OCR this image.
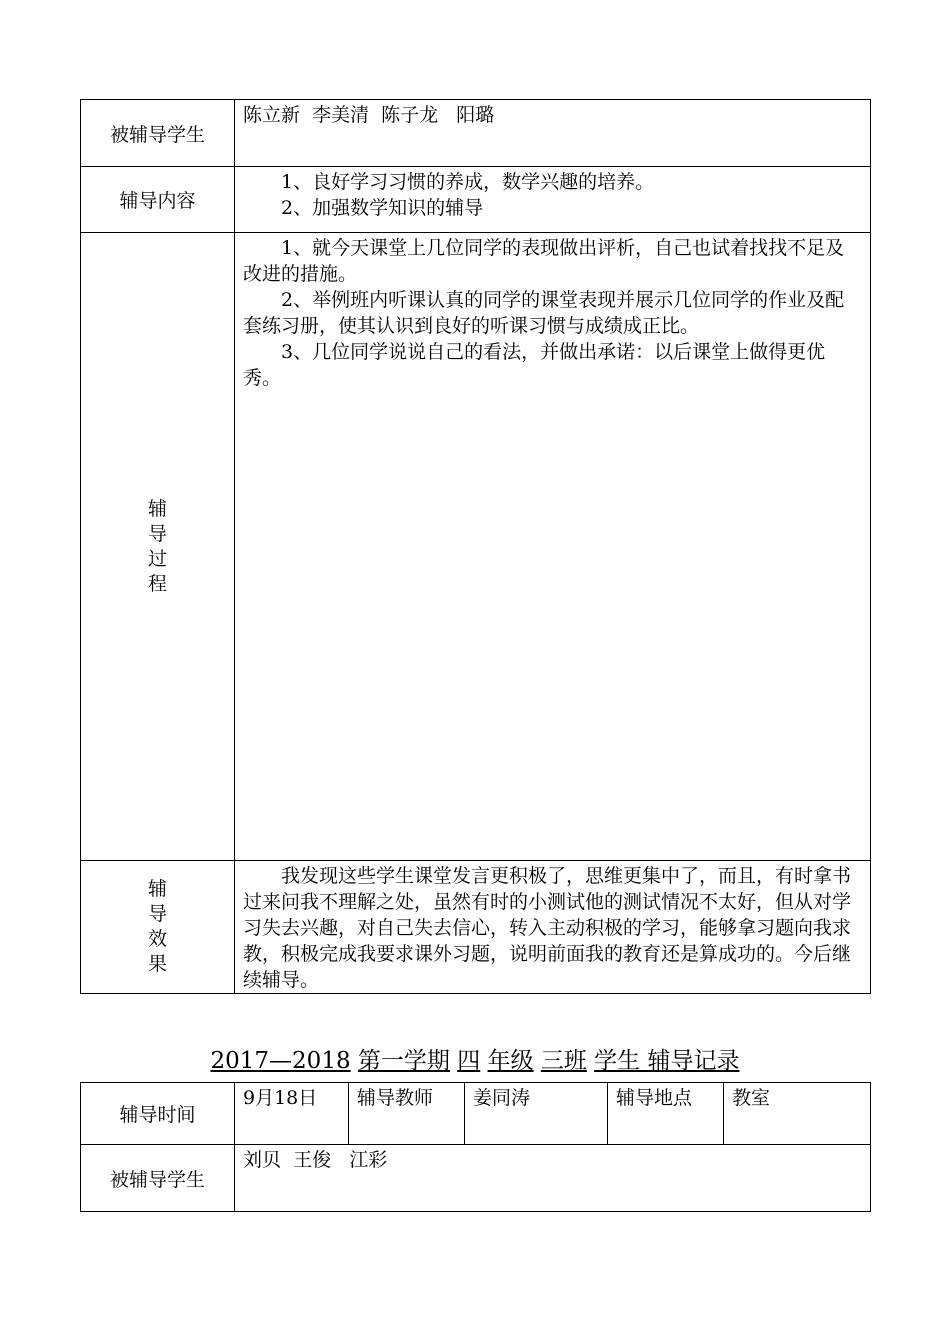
被辅导学生	陈立新  李美清  陈子龙   阳璐

辅导内容	1、良好学习习惯的养成，数学兴趣的培养。

2、加强数学知识的辅导

辅导过程	1、就今天课堂上几位同学的表现做出评析，自己也试着找找不足及改进的措施。

2、举例班内听课认真的同学的课堂表现并展示几位同学的作业及配套练习册，使其认识到良好的听课习惯与成绩成正比。

3、几位同学说说自己的看法，并做出承诺：以后课堂上做得更优秀。

辅导效果	我发现这些学生课堂发言更积极了，思维更集中了，而且，有时拿书过来问我不理解之处，虽然有时的小测试他的测试情况不太好，但从对学习失去兴趣，对自己失去信心，转入主动积极的学习，能够拿习题向我求教，积极完成我要求课外习题，说明前面我的教育还是算成功的。今后继续辅导。

2017—2018 第一学期 四 年级 三班 学生 辅导记录
辅导时间	9月18日	辅导教师	姜同涛	辅导地点	教室

被辅导学生	刘贝  王俊   江彩				
